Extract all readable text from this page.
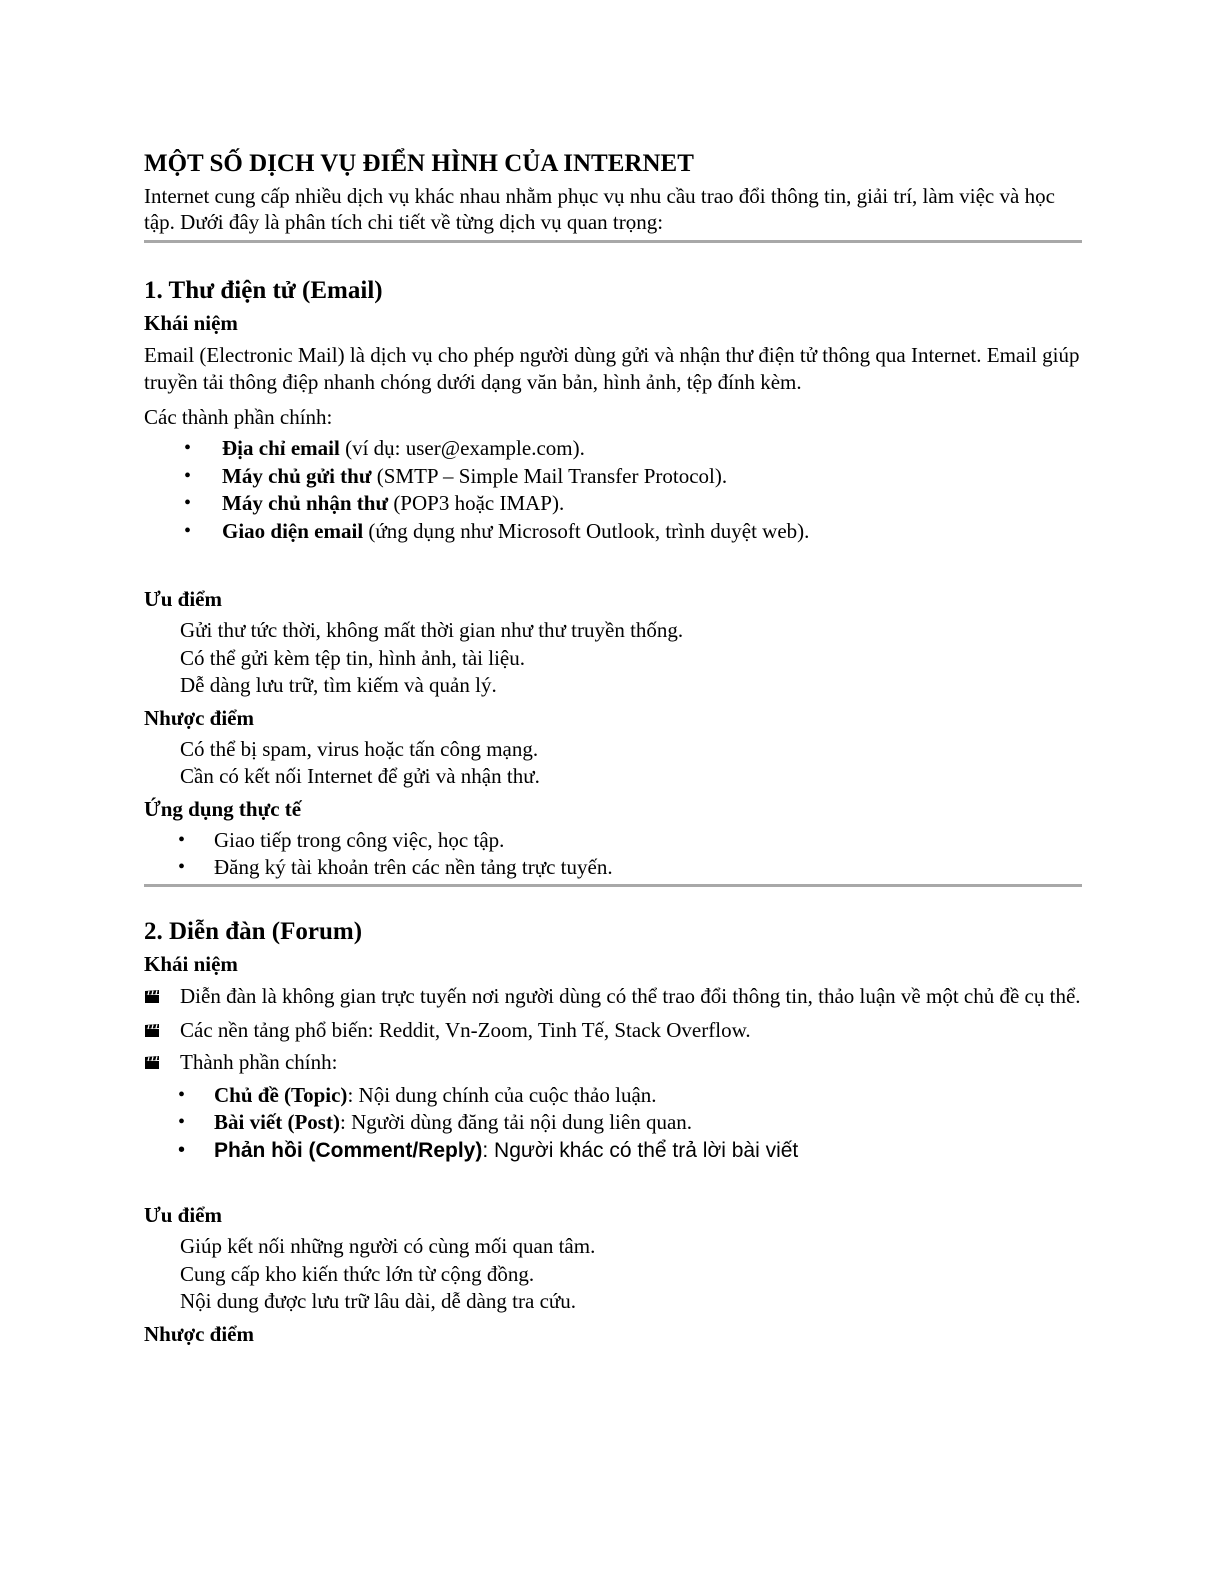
MỘT SỐ DỊCH VỤ ĐIỂN HÌNH CỦA INTERNET

Internet cung cấp nhiều dịch vụ khác nhau nhằm phục vụ nhu cầu trao đổi thông tin, giải trí, làm việc và học tập. Dưới đây là phân tích chi tiết về từng dịch vụ quan trọng:

1. Thư điện tử (Email)
Khái niệm

Email (Electronic Mail) là dịch vụ cho phép người dùng gửi và nhận thư điện tử thông qua Internet. Email giúp truyền tải thông điệp nhanh chóng dưới dạng văn bản, hình ảnh, tệp đính kèm.

Các thành phần chính:

• Địa chỉ email (ví dụ: user@example.com).
• Máy chủ gửi thư (SMTP – Simple Mail Transfer Protocol).
• Máy chủ nhận thư (POP3 hoặc IMAP).
• Giao diện email (ứng dụng như Microsoft Outlook, trình duyệt web).
Ưu điểm

Gửi thư tức thời, không mất thời gian như thư truyền thống.

Có thể gửi kèm tệp tin, hình ảnh, tài liệu.

Dễ dàng lưu trữ, tìm kiếm và quản lý.

Nhược điểm

Có thể bị spam, virus hoặc tấn công mạng.

Cần có kết nối Internet để gửi và nhận thư.

Ứng dụng thực tế
• Giao tiếp trong công việc, học tập.
• Đăng ký tài khoản trên các nền tảng trực tuyến.
2. Diễn đàn (Forum)
Khái niệm

Diễn đàn là không gian trực tuyến nơi người dùng có thể trao đổi thông tin, thảo luận về một chủ đề cụ thể.

Các nền tảng phổ biến: Reddit, Vn-Zoom, Tinh Tế, Stack Overflow.

Thành phần chính:

• Chủ đề (Topic): Nội dung chính của cuộc thảo luận.
• Bài viết (Post): Người dùng đăng tải nội dung liên quan.
• Phản hồi (Comment/Reply): Người khác có thể trả lời bài viết
Ưu điểm

Giúp kết nối những người có cùng mối quan tâm.

Cung cấp kho kiến thức lớn từ cộng đồng.

Nội dung được lưu trữ lâu dài, dễ dàng tra cứu.

Nhược điểm
